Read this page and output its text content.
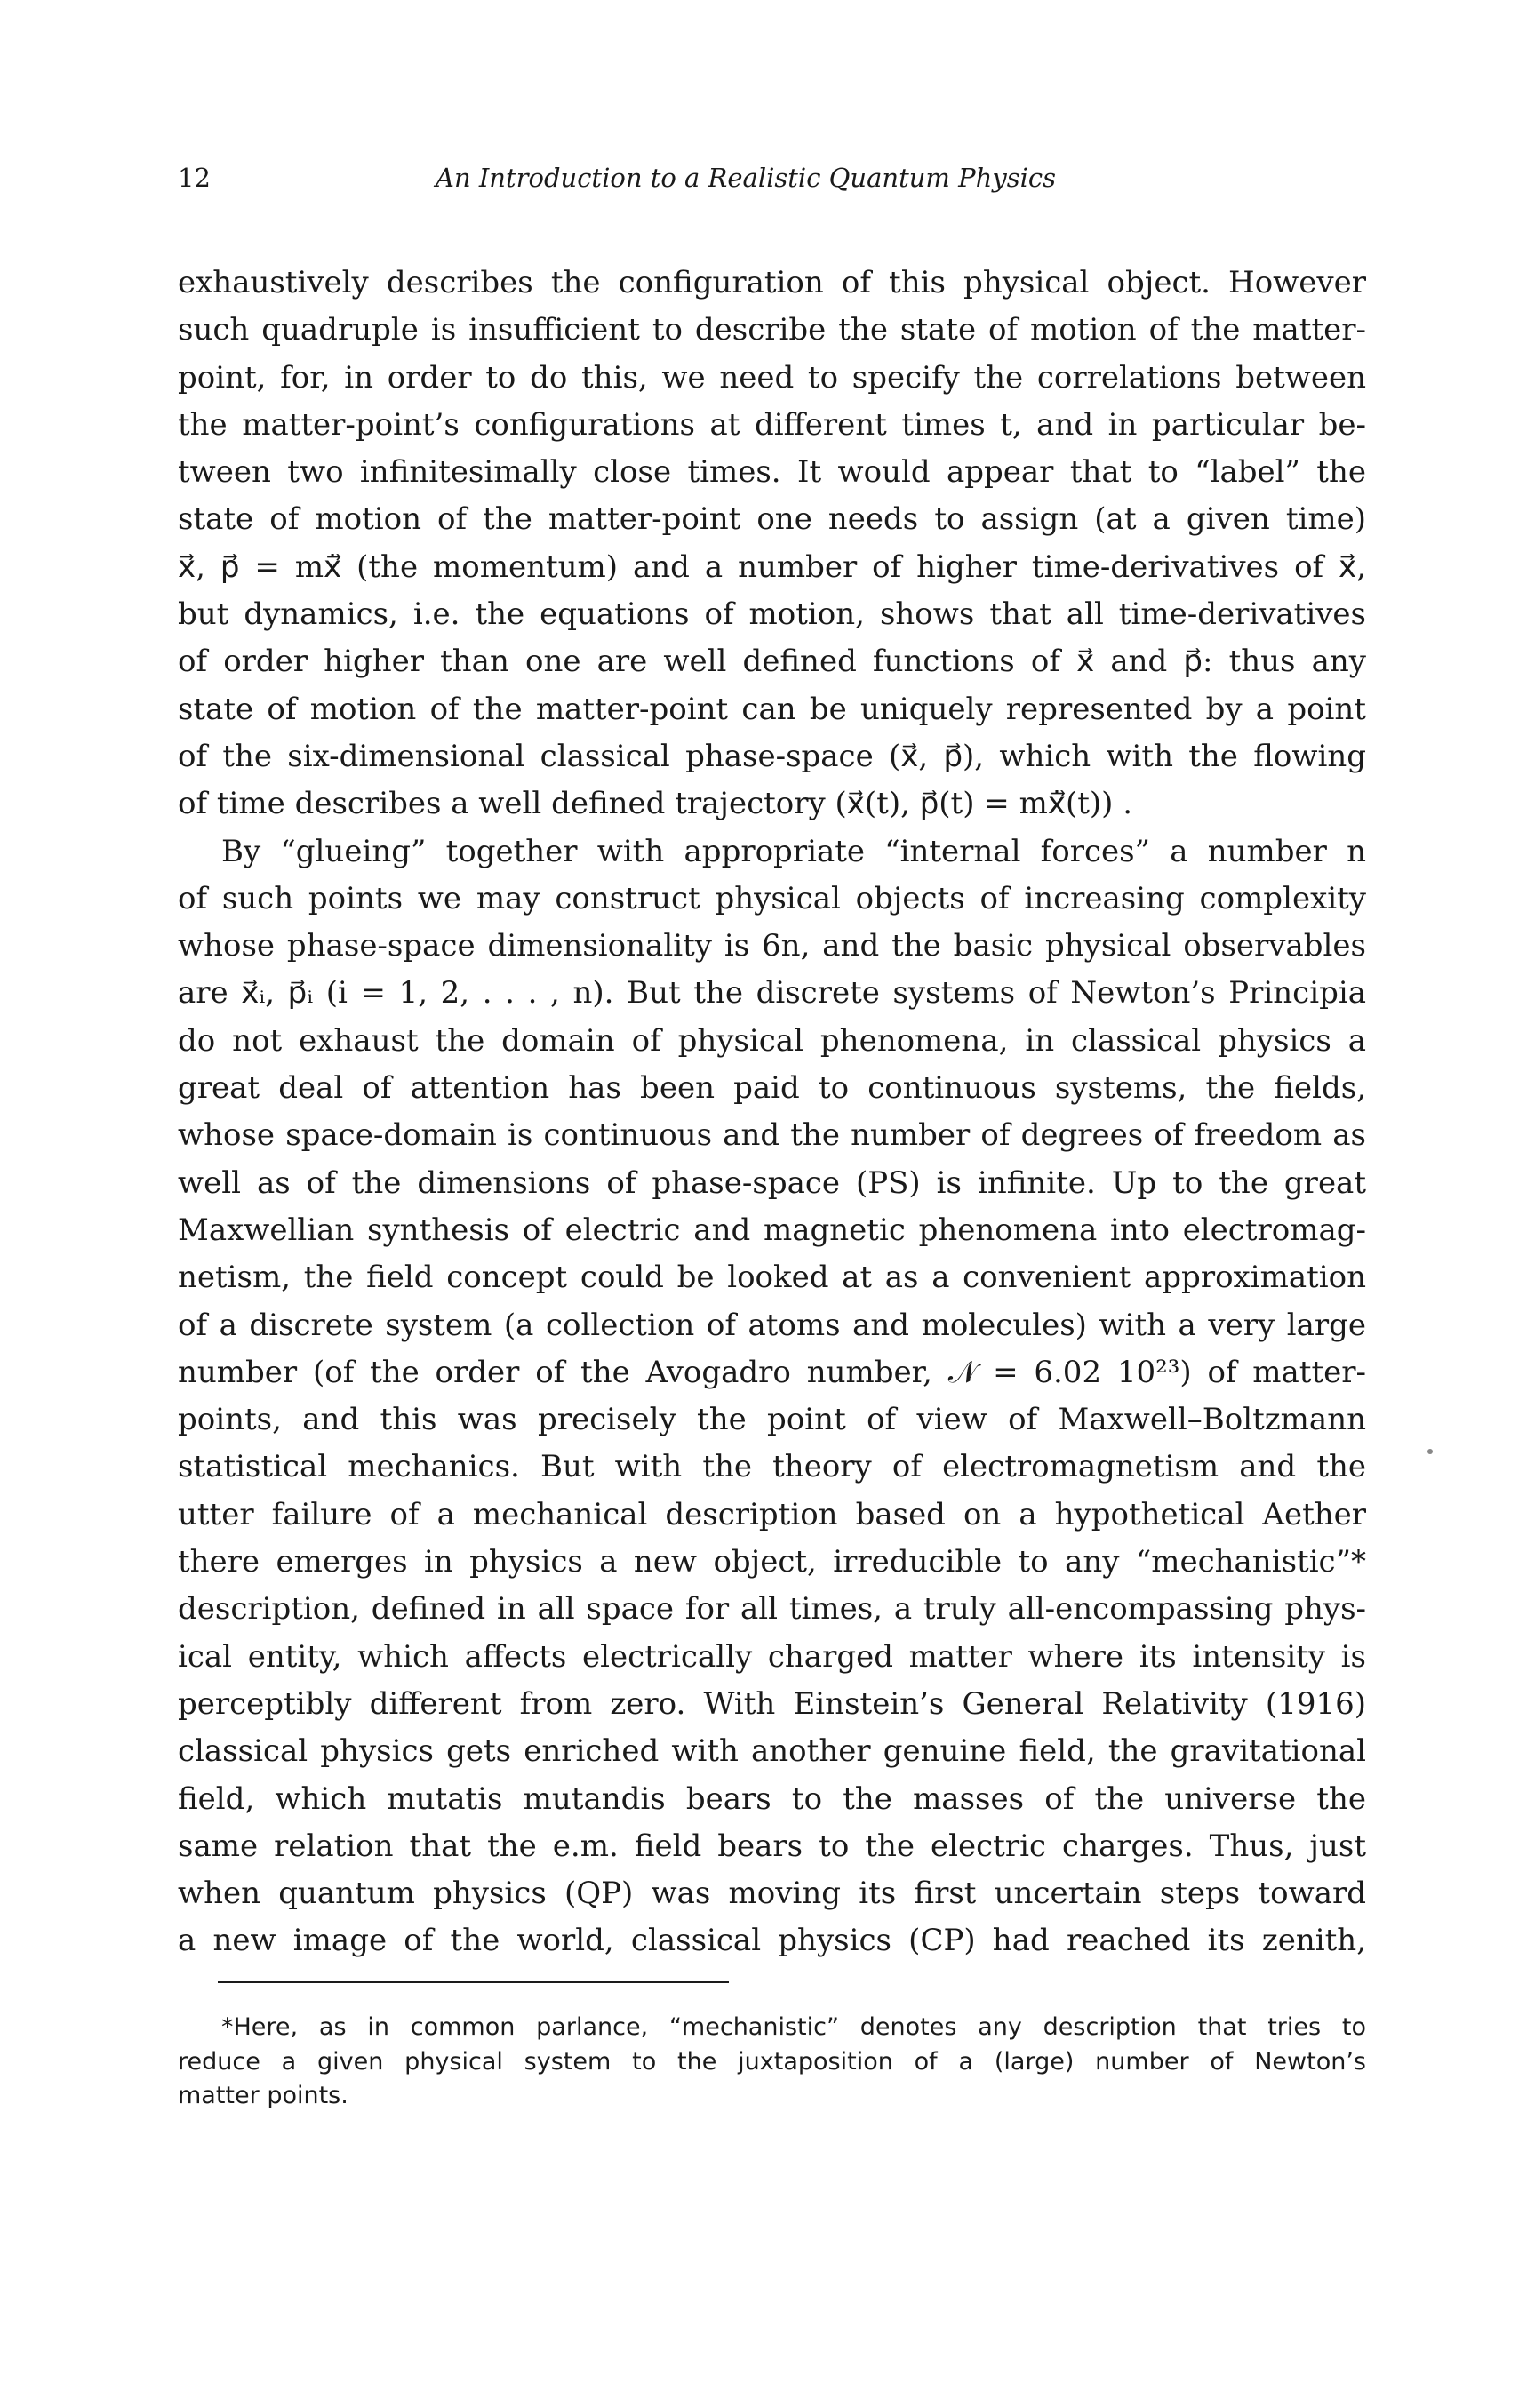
12	An Introduction to a Realistic Quantum Physics
exhaustively describes the configuration of this physical object. However
such quadruple is insufficient to describe the state of motion of the matter-
point, for, in order to do this, we need to specify the correlations between
the matter-point’s configurations at different times t, and in particular be-
tween two infinitesimally close times. It would appear that to “label” the
state of motion of the matter-point one needs to assign (at a given time)
x⃗, p⃗ = mẋ⃗ (the momentum) and a number of higher time-derivatives of x⃗,
but dynamics, i.e. the equations of motion, shows that all time-derivatives
of order higher than one are well defined functions of x⃗ and p⃗: thus any
state of motion of the matter-point can be uniquely represented by a point
of the six-dimensional classical phase-space (x⃗, p⃗), which with the flowing
of time describes a well defined trajectory (x⃗(t), p⃗(t) = mẋ⃗(t)) .
By “glueing” together with appropriate “internal forces” a number n
of such points we may construct physical objects of increasing complexity
whose phase-space dimensionality is 6n, and the basic physical observables
are x⃗ᵢ, p⃗ᵢ (i = 1, 2, . . . , n). But the discrete systems of Newton’s Principia
do not exhaust the domain of physical phenomena, in classical physics a
great deal of attention has been paid to continuous systems, the fields,
whose space-domain is continuous and the number of degrees of freedom as
well as of the dimensions of phase-space (PS) is infinite. Up to the great
Maxwellian synthesis of electric and magnetic phenomena into electromag-
netism, the field concept could be looked at as a convenient approximation
of a discrete system (a collection of atoms and molecules) with a very large
number (of the order of the Avogadro number, 𝒩 = 6.02 10²³) of matter-
points, and this was precisely the point of view of Maxwell–Boltzmann
statistical mechanics. But with the theory of electromagnetism and the
utter failure of a mechanical description based on a hypothetical Aether
there emerges in physics a new object, irreducible to any “mechanistic”*
description, defined in all space for all times, a truly all-encompassing phys-
ical entity, which affects electrically charged matter where its intensity is
perceptibly different from zero. With Einstein’s General Relativity (1916)
classical physics gets enriched with another genuine field, the gravitational
field, which mutatis mutandis bears to the masses of the universe the
same relation that the e.m. field bears to the electric charges. Thus, just
when quantum physics (QP) was moving its first uncertain steps toward
a new image of the world, classical physics (CP) had reached its zenith,
*Here, as in common parlance, “mechanistic” denotes any description that tries to
reduce a given physical system to the juxtaposition of a (large) number of Newton’s
matter points.
